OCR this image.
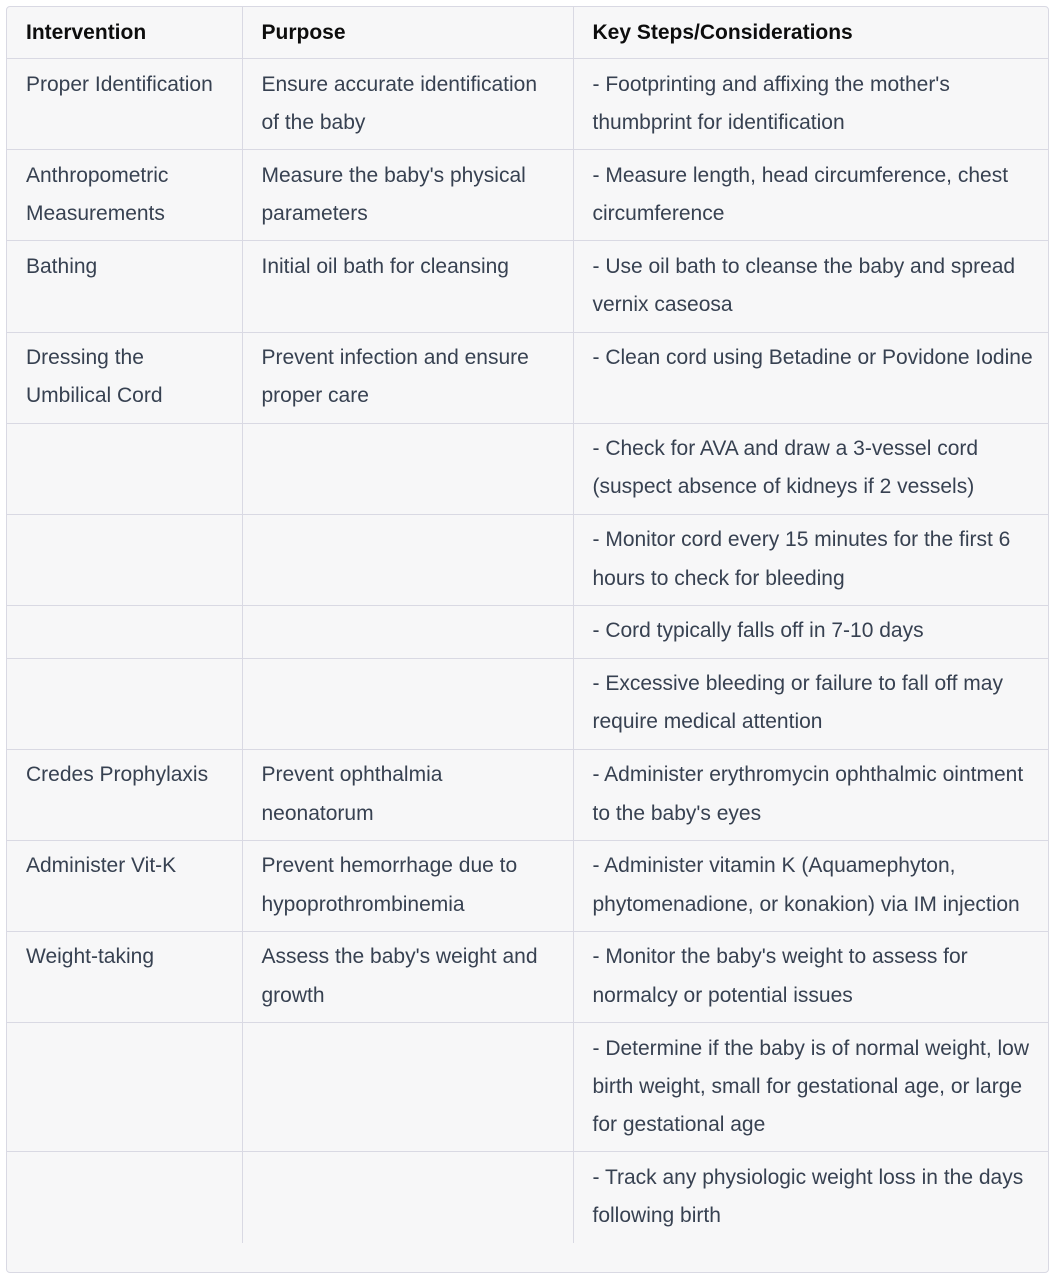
Intervention	Purpose	Key Steps/Considerations
Proper Identification	Ensure accurate identification of the baby	- Footprinting and affixing the mother's thumbprint for identification
Anthropometric Measurements	Measure the baby's physical parameters	- Measure length, head circumference, chest circumference
Bathing	Initial oil bath for cleansing	- Use oil bath to cleanse the baby and spread vernix caseosa
Dressing the Umbilical Cord	Prevent infection and ensure proper care	- Clean cord using Betadine or Povidone Iodine
		- Check for AVA and draw a 3-vessel cord (suspect absence of kidneys if 2 vessels)
		- Monitor cord every 15 minutes for the first 6 hours to check for bleeding
		- Cord typically falls off in 7-10 days
		- Excessive bleeding or failure to fall off may require medical attention
Credes Prophylaxis	Prevent ophthalmia neonatorum	- Administer erythromycin ophthalmic ointment to the baby's eyes
Administer Vit-K	Prevent hemorrhage due to hypoprothrombinemia	- Administer vitamin K (Aquamephyton, phytomenadione, or konakion) via IM injection
Weight-taking	Assess the baby's weight and growth	- Monitor the baby's weight to assess for normalcy or potential issues
		- Determine if the baby is of normal weight, low birth weight, small for gestational age, or large for gestational age
		- Track any physiologic weight loss in the days following birth
